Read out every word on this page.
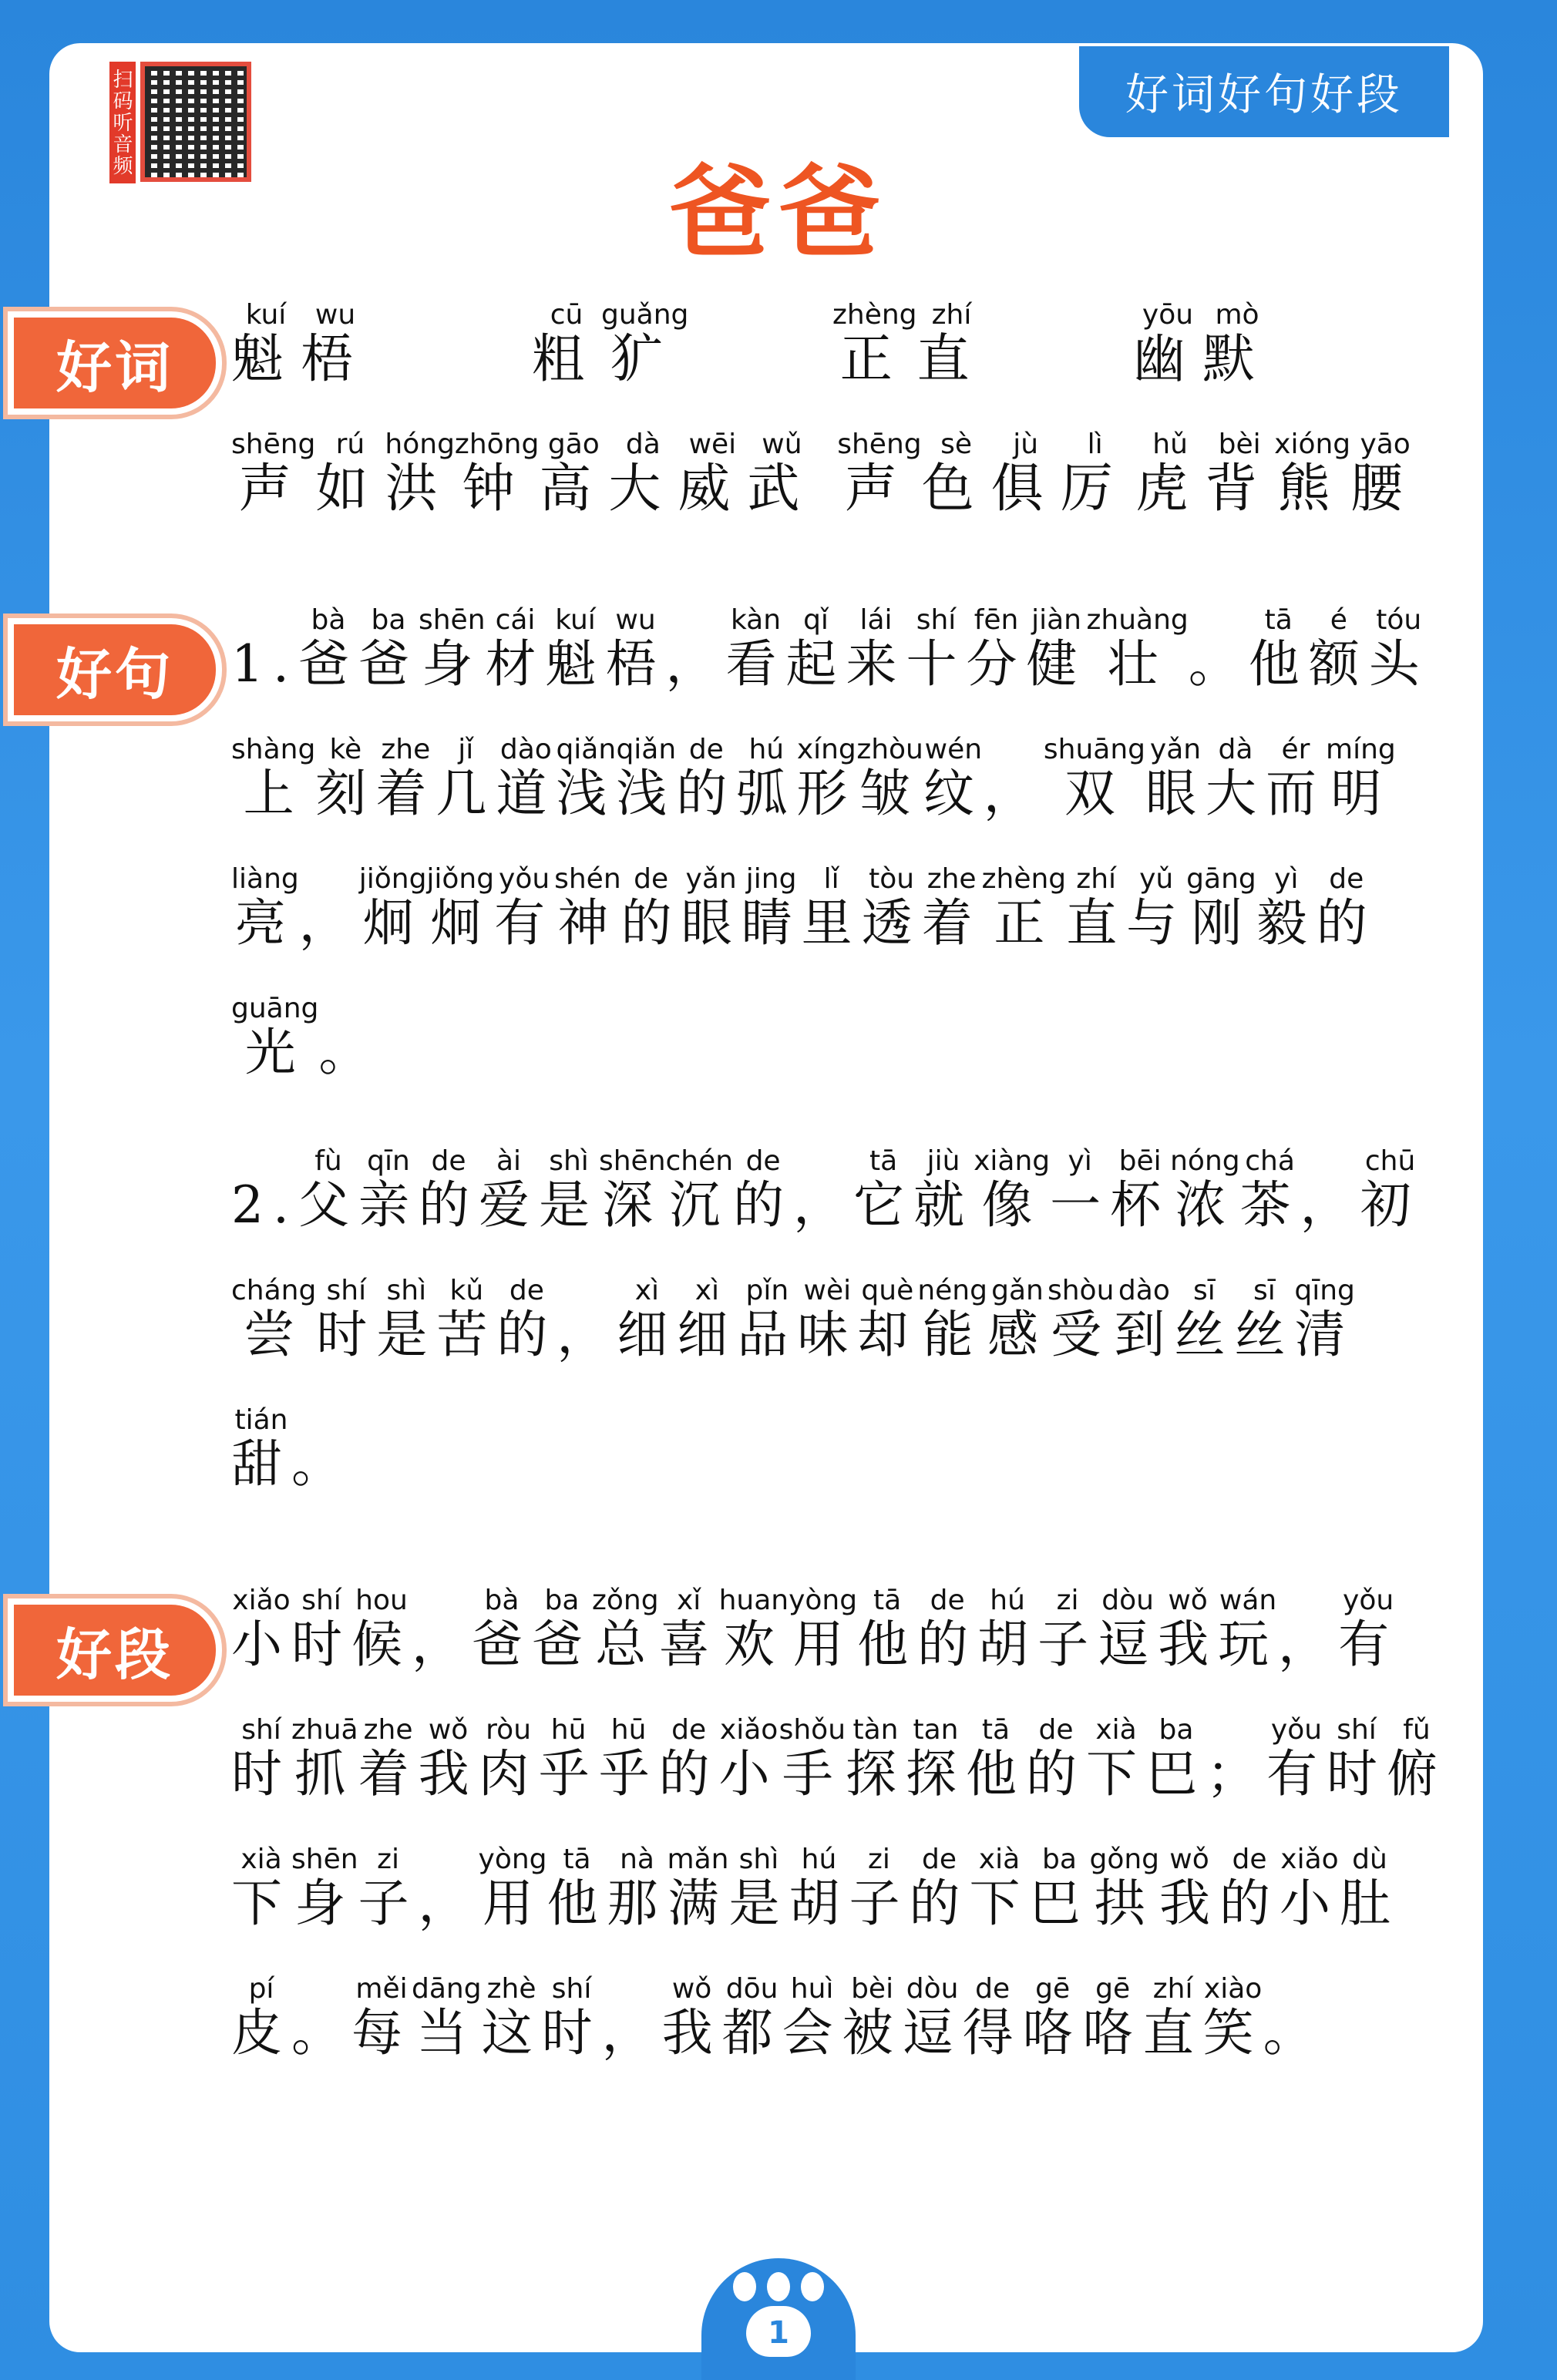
好词好句好段
扫码听音频
爸爸
好词 魁kuí梧wu
粗cū犷guǎng
正zhèng直zhí
幽yōu默mò
声shēng如rú洪hóng钟zhōng
高gāo大dà威wēi武wǔ
声shēng色sè俱jù厉lì
虎hǔ背bèi熊xióng腰yāo
好句 1. 爸bà爸ba身shēn材cái魁kuí梧wu， 看kàn起qǐ来lái十shí分fēn健jiàn壮zhuàng。 他tā额é头tóu上shàng刻kè着zhe几jǐ道dào浅qiǎn浅qiǎn的de弧hú形xíng皱zhòu纹wén， 双shuāng眼yǎn大dà而ér明míng亮liàng， 炯jiǒng炯jiǒng有yǒu神shén的de眼yǎn睛jing里lǐ透tòu着zhe正zhèng直zhí与yǔ刚gāng毅yì的de光guāng。
2. 父fù亲qīn的de爱ài是shì深shēn沉chén的de， 它tā就jiù像xiàng一yì杯bēi浓nóng茶chá， 初chū尝cháng时shí是shì苦kǔ的de， 细xì细xì品pǐn味wèi却què能néng感gǎn受shòu到dào丝sī丝sī清qīng甜tián。
好段 小xiǎo时shí候hou， 爸bà爸ba总zǒng喜xǐ欢huan用yòng他tā的de胡hú子zi逗dòu我wǒ玩wán， 有yǒu时shí抓zhuā着zhe我wǒ肉ròu乎hū乎hū的de小xiǎo手shǒu探tàn探tan他tā的de下xià巴ba； 有yǒu时shí俯fǔ下xià身shēn子zi， 用yòng他tā那nà满mǎn是shì胡hú子zi的de下xià巴ba拱gǒng我wǒ的de小xiǎo肚dù皮pí。 每měi当dāng这zhè时shí， 我wǒ都dōu会huì被bèi逗dòu得de咯gē咯gē直zhí笑xiào。
1
